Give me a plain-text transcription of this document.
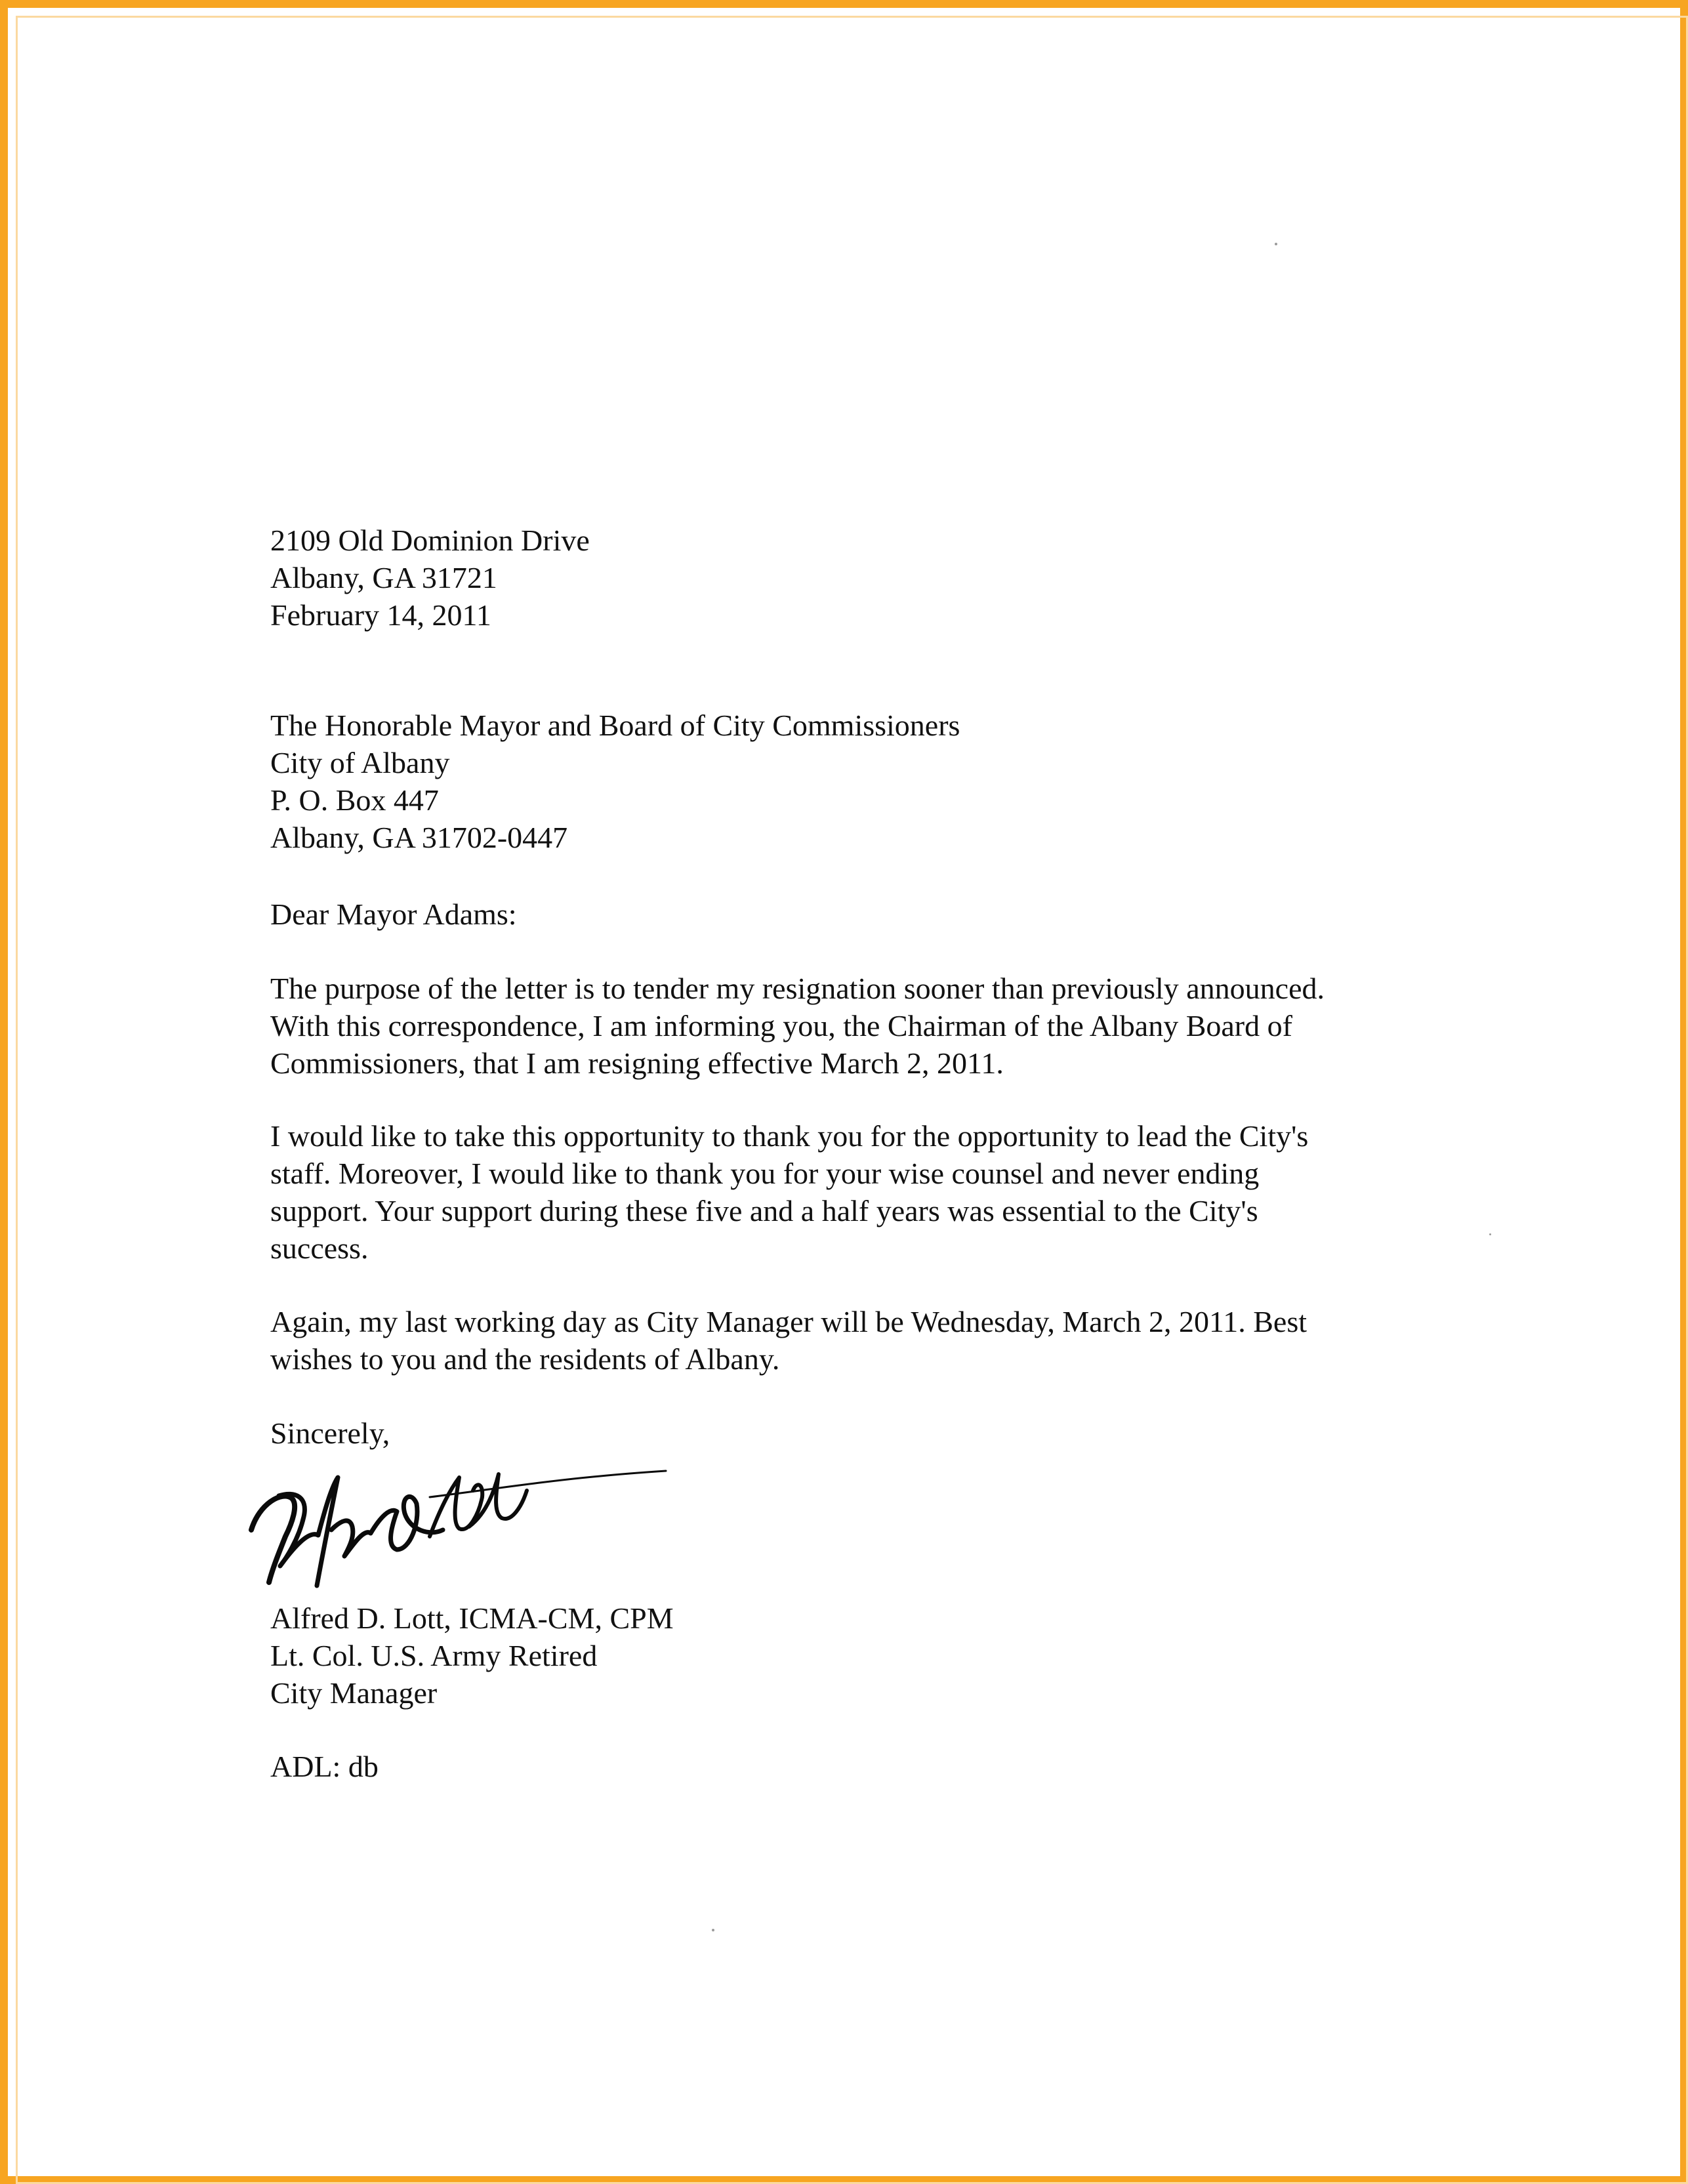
2109 Old Dominion Drive
Albany, GA 31721
February 14, 2011
The Honorable Mayor and Board of City Commissioners
City of Albany
P. O. Box 447
Albany, GA 31702-0447
Dear Mayor Adams:
The purpose of the letter is to tender my resignation sooner than previously announced.
With this correspondence, I am informing you, the Chairman of the Albany Board of
Commissioners, that I am resigning effective March 2, 2011.
I would like to take this opportunity to thank you for the opportunity to lead the City's
staff. Moreover, I would like to thank you for your wise counsel and never ending
support. Your support during these five and a half years was essential to the City's
success.
Again, my last working day as City Manager will be Wednesday, March 2, 2011. Best
wishes to you and the residents of Albany.
Sincerely,
Alfred D. Lott, ICMA-CM, CPM
Lt. Col. U.S. Army Retired
City Manager
ADL: db
